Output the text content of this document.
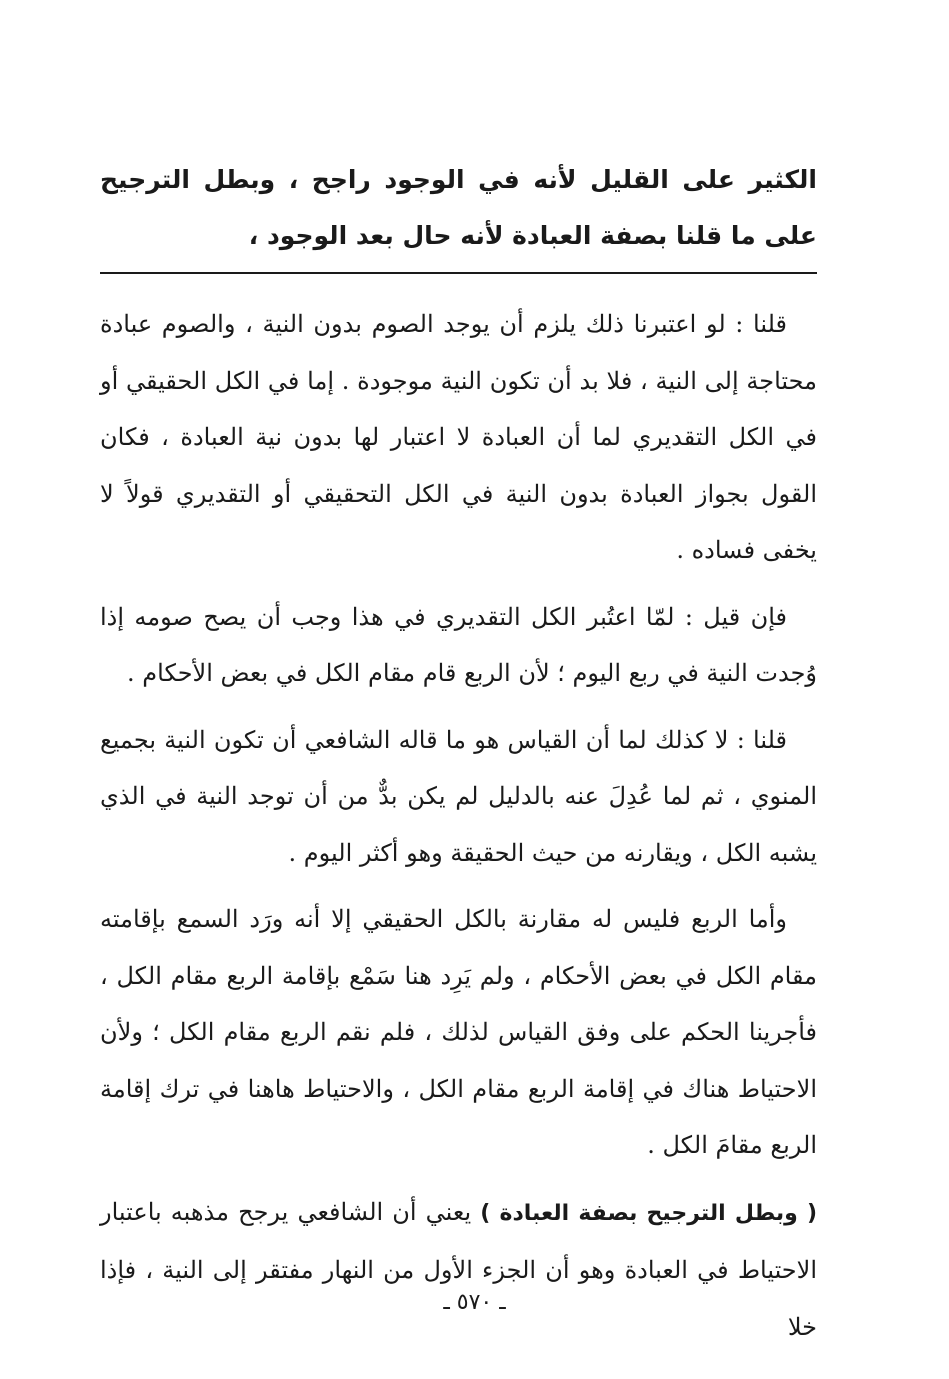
الكثير على القليل لأنه في الوجود راجح ، وبطل الترجيح على ما قلنا بصفة العبادة لأنه حال بعد الوجود ،

قلنا : لو اعتبرنا ذلك يلزم أن يوجد الصوم بدون النية ، والصوم عبادة محتاجة إلى النية ، فلا بد أن تكون النية موجودة . إما في الكل الحقيقي أو في الكل التقديري لما أن العبادة لا اعتبار لها بدون نية العبادة ، فكان القول بجواز العبادة بدون النية في الكل التحقيقي أو التقديري قولاً لا يخفى فساده .

فإن قيل : لمّا اعتُبر الكل التقديري في هذا وجب أن يصح صومه إذا وُجدت النية في ربع اليوم ؛ لأن الربع قام مقام الكل في بعض الأحكام .

قلنا : لا كذلك لما أن القياس هو ما قاله الشافعي أن تكون النية بجميع المنوي ، ثم لما عُدِلَ عنه بالدليل لم يكن بدٌّ من أن توجد النية في الذي يشبه الكل ، ويقارنه من حيث الحقيقة وهو أكثر اليوم .

وأما الربع فليس له مقارنة بالكل الحقيقي إلا أنه ورَد السمع بإقامته مقام الكل في بعض الأحكام ، ولم يَرِد هنا سَمْع بإقامة الربع مقام الكل ، فأجرينا الحكم على وفق القياس لذلك ، فلم نقم الربع مقام الكل ؛ ولأن الاحتياط هناك في إقامة الربع مقام الكل ، والاحتياط هاهنا في ترك إقامة الربع مقامَ الكل .

( وبطل الترجيح بصفة العبادة ) يعني أن الشافعي يرجح مذهبه باعتبار الاحتياط في العبادة وهو أن الجزء الأول من النهار مفتقر إلى النية ، فإذا خلا

ـ ٥٧٠ ـ
